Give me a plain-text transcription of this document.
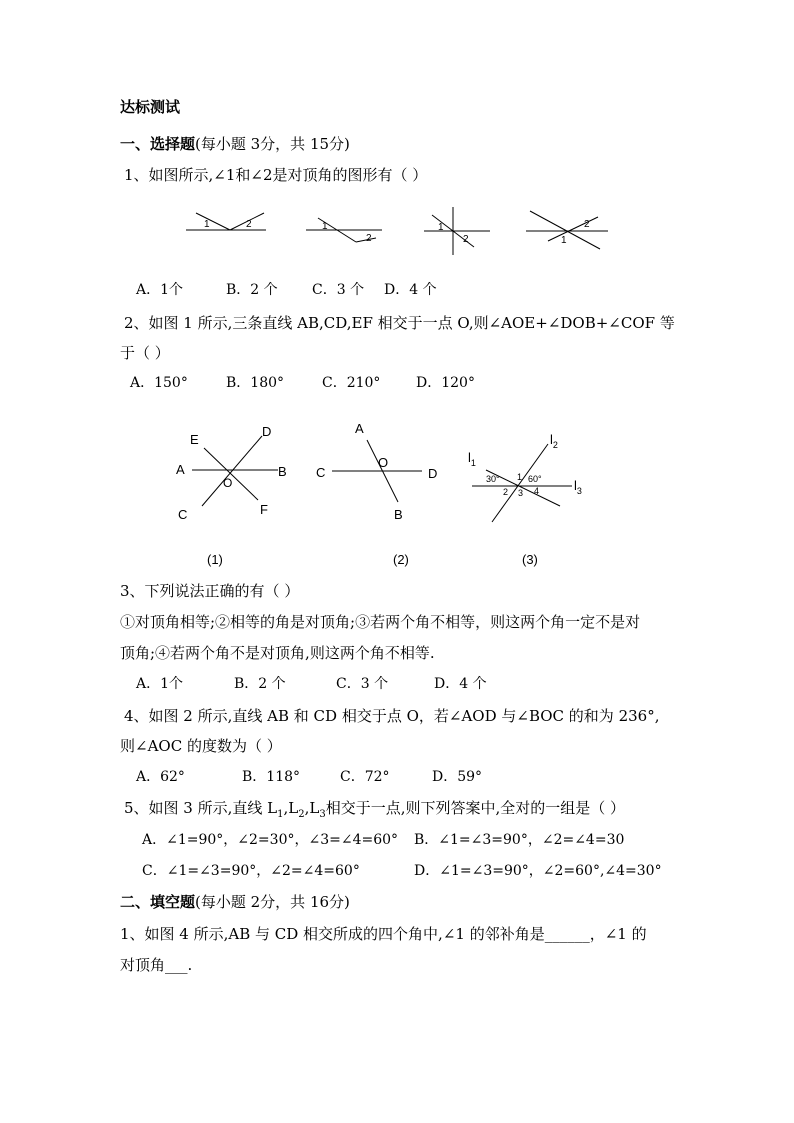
达标测试
一、选择题(每小题 3分，共 15分)
1、如图所示,∠1和∠2是对顶角的图形有（ ）
1	2	1
2
1
2
2
1
A．1个	B．2 个 C．3 个 D．4 个
2、如图 1 所示,三条直线 AB,CD,EF 相交于一点 O,则∠AOE+∠DOB+∠COF 等
于（ ）
A．150°	B．180°	C．210°	D．120°
A	B
C
D
E
F
O
(1)
C	D
A
B
O
(2)
$l_1$
$l_2$
$l_3$
30°	60°
1
2 3 4
(3)
3、下列说法正确的有（ ）
①对顶角相等;②相等的角是对顶角;③若两个角不相等，则这两个角一定不是对
顶角;④若两个角不是对顶角,则这两个角不相等.
A．1个	B．2 个	C．3 个	D．4 个
4、如图 2 所示,直线 AB 和 CD 相交于点 O，若∠AOD 与∠BOC 的和为 236°,
则∠AOC 的度数为（ ）
A．62°	B．118°	C．72°	D．59°
5、如图 3 所示,直线 $L_1,L_2,L_3$相交于一点,则下列答案中,全对的一组是（ ）
A．∠1=90°，∠2=30°，∠3=∠4=60° B．∠1=∠3=90°，∠2=∠4=30
C．∠1=∠3=90°，∠2=∠4=60°	D．∠1=∠3=90°，∠2=60°,∠4=30°
二、填空题(每小题 2分，共 16分)
1、如图 4 所示,AB 与 CD 相交所成的四个角中,∠1 的邻补角是______，∠1 的
对顶角___.
